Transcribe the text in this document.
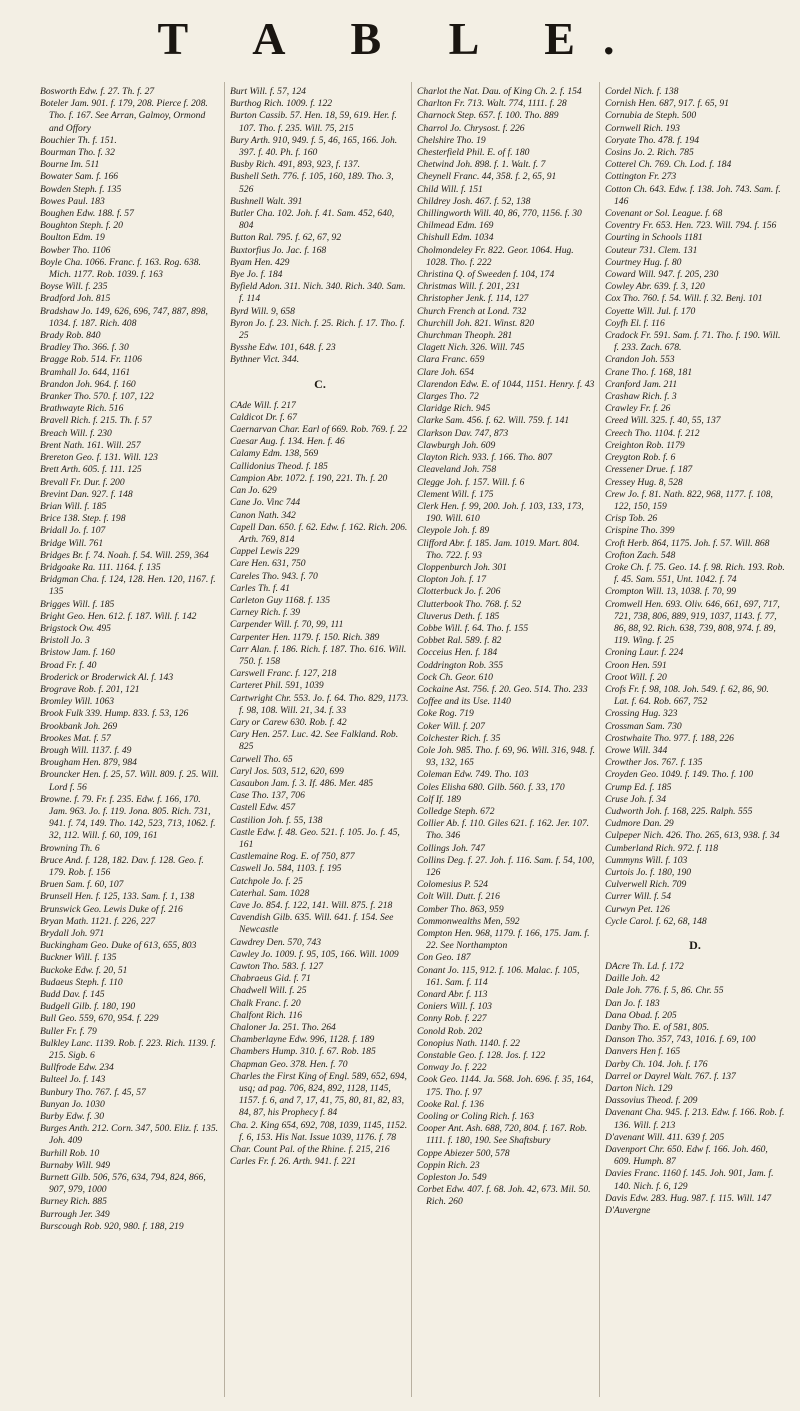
T A B L E.
Bosworth Edw. f. 27. Th. f. 27
Boteler Jam. 901. f. 179, 208. Pierce f. 208. Tho. f. 167. See Arran, Galmoy, Ormond and Offory
Bouchier Th. f. 151.
Bourman Tho. f. 32
Bourne Im. 511
Bowater Sam. f. 166
Bowden Steph. f. 135
Bowes Paul. 183
Boughen Edw. 188. f. 57
Boughton Steph. f. 20
Boulton Edm. 19
Bowber Tho. 1106
Boyle Cha. 1066. Franc. f. 163. Rog. 638. Mich. 1177. Rob. 1039. f. 163
Boyse Will. f. 235
Bradford Joh. 815
Bradshaw Jo. 149, 626, 696, 747, 887, 898, 1034. f. 187. Rich. 408
Brady Rob. 840
Bradley Tho. 366. f. 30
Bragge Rob. 514. Fr. 1106
Bramhall Jo. 644, 1161
Brandon Joh. 964. f. 160
Branker Tho. 570. f. 107, 122
Brathwayte Rich. 516
Bravell Rich. f. 215. Th. f. 57
Breach Will. f. 230
Brent Nath. 161. Will. 257
Brereton Geo. f. 131. Will. 123
Brett Arth. 605. f. 111. 125
Brevall Fr. Dur. f. 200
Brevint Dan. 927. f. 148
Brian Will. f. 185
Brice 138. Step. f. 198
Bridall Jo. f. 107
Bridge Will. 761
Bridges Br. f. 74. Noah. f. 54. Will. 259, 364
Bridgoake Ra. 111. 1164. f. 135
Bridgman Cha. f. 124, 128. Hen. 120, 1167. f. 135
Brigges Will. f. 185
Bright Geo. Hen. 612. f. 187. Will. f. 142
Brigstock Ow. 495
Bristoll Jo. 3
Bristow Jam. f. 160
Broad Fr. f. 40
Broderick or Broderwick Al. f. 143
Brograve Rob. f. 201, 121
Bromley Will. 1063
Brook Fulk 339. Hump. 833. f. 53, 126
Brookbank Joh. 269
Brookes Mat. f. 57
Brough Will. 1137. f. 49
Brougham Hen. 879, 984
Brouncker Hen. f. 25, 57. Will. 809. f. 25. Will. Lord f. 56
Browne. f. 79. Fr. f. 235. Edw. f. 166, 170. Jam. 963. Jo. f. 119. Jona. 805. Rich. 731, 941. f. 74, 149. Tho. 142, 523, 713, 1062. f. 32, 112. Will. f. 60, 109, 161
Browning Th. 6
Bruce And. f. 128, 182. Dav. f. 128. Geo. f. 179. Rob. f. 156
Bruen Sam. f. 60, 107
Brunsell Hen. f. 125, 133. Sam. f. 1, 138
Brunswick Geo. Lewis Duke of f. 216
Bryan Math. 1121. f. 226, 227
Brydall Joh. 971
Buckingham Geo. Duke of 613, 655, 803
Buckner Will. f. 135
Buckoke Edw. f. 20, 51
Budaeus Steph. f. 110
Budd Dav. f. 145
Budgell Gilb. f. 180, 190
Bull Geo. 559, 670, 954. f. 229
Buller Fr. f. 79
Bulkley Lanc. 1139. Rob. f. 223. Rich. 1139. f. 215. Sigb. 6
Bullfrode Edw. 234
Bulteel Jo. f. 143
Bunbury Tho. 767. f. 45, 57
Bunyan Jo. 1030
Burby Edw. f. 30
Burges Anth. 212. Corn. 347, 500. Eliz. f. 135. Joh. 409
Burhill Rob. 10
Burnaby Will. 949
Burnett Gilb. 506, 576, 634, 794, 824, 866, 907, 979, 1000
Burney Rich. 885
Burrough Jer. 349
Burscough Rob. 920, 980. f. 188, 219
Burt Will. f. 57, 124
Burthog Rich. 1009. f. 122
Burton Cassib. 57. Hen. 18, 59, 619. Her. f. 107. Tho. f. 235. Will. 75, 215
Bury Arth. 910, 949. f. 5, 46, 165, 166. Joh. 397. f. 40. Ph. f. 160
Busby Rich. 491, 893, 923, f. 137.
Bushell Seth. 776. f. 105, 160, 189. Tho. 3, 526
Bushnell Walt. 391
Butler Cha. 102. Joh. f. 41. Sam. 452, 640, 804
Button Ral. 795. f. 62, 67, 92
Buxtorfius Jo. Jac. f. 168
Byam Hen. 429
Bye Jo. f. 184
Byfield Adon. 311. Nich. 340. Rich. 340. Sam. f. 114
Byrd Will. 9, 658
Byron Jo. f. 23. Nich. f. 25. Rich. f. 17. Tho. f. 25
Bysshe Edw. 101, 648. f. 23
Bythner Vict. 344.
C.
CAde Will. f. 217
Caldicot Dr. f. 67
Caernarvan Char. Earl of 669. Rob. 769. f. 22
Caesar Aug. f. 134. Hen. f. 46
Calamy Edm. 138, 569
Callidonius Theod. f. 185
Campion Abr. 1072. f. 190, 221. Th. f. 20
Can Jo. 629
Cane Jo. Vinc 744
Canon Nath. 342
Capell Dan. 650. f. 62. Edw. f. 162. Rich. 206. Arth. 769, 814
Cappel Lewis 229
Care Hen. 631, 750
Careles Tho. 943. f. 70
Carles Th. f. 41
Carleton Guy 1168. f. 135
Carney Rich. f. 39
Carpender Will. f. 70, 99, 111
Carpenter Hen. 1179. f. 150. Rich. 389
Carr Alan. f. 186. Rich. f. 187. Tho. 616. Will. 750. f. 158
Carswell Franc. f. 127, 218
Carteret Phil. 591, 1039
Cartwright Chr. 553. Jo. f. 64. Tho. 829, 1173. f. 98, 108. Will. 21, 34. f. 33
Cary or Carew 630. Rob. f. 42
Cary Hen. 257. Luc. 42. See Falkland. Rob. 825
Carwell Tho. 65
Caryl Jos. 503, 512, 620, 699
Casaubon Jam. f. 3. If. 486. Mer. 485
Case Tho. 137, 706
Castell Edw. 457
Castilion Joh. f. 55, 138
Castle Edw. f. 48. Geo. 521. f. 105. Jo. f. 45, 161
Castlemaine Rog. E. of 750, 877
Caswell Jo. 584, 1103. f. 195
Catchpole Jo. f. 25
Caterhal. Sam. 1028
Cave Jo. 854. f. 122, 141. Will. 875. f. 218
Cavendish Gilb. 635. Will. 641. f. 154. See Newcastle
Cawdrey Den. 570, 743
Cawley Jo. 1009. f. 95, 105, 166. Will. 1009
Cawton Tho. 583. f. 127
Chabraeus Gid. f. 71
Chadwell Will. f. 25
Chalk Franc. f. 20
Chalfont Rich. 116
Chaloner Ja. 251. Tho. 264
Chamberlayne Edw. 996, 1128. f. 189
Chambers Hump. 310. f. 67. Rob. 185
Chapman Geo. 378. Hen. f. 70
Charles the First King of Engl. 589, 652, 694, usq; ad pag. 706, 824, 892, 1128, 1145, 1157. f. 6, and 7, 17, 41, 75, 80, 81, 82, 83, 84, 87, his Prophecy f. 84
Cha. 2. King 654, 692, 708, 1039, 1145, 1152. f. 6, 153. His Nat. Issue 1039, 1176. f. 78
Char. Count Pal. of the Rhine. f. 215, 216
Carles Fr. f. 26. Arth. 941. f. 221
Charlot the Nat. Dau. of King Ch. 2. f. 154
Charlton Fr. 713. Walt. 774, 1111. f. 28
Charnock Step. 657. f. 100. Tho. 889
Charrol Jo. Chrysost. f. 226
Chelshire Tho. 19
Chesterfield Phil. E. of f. 180
Chetwind Joh. 898. f. 1. Walt. f. 7
Cheynell Franc. 44, 358. f. 2, 65, 91
Child Will. f. 151
Childrey Josh. 467. f. 52, 138
Chillingworth Will. 40, 86, 770, 1156. f. 30
Chilmead Edm. 169
Chishull Edm. 1034
Cholmondeley Fr. 822. Geor. 1064. Hug. 1028. Tho. f. 222
Christina Q. of Sweeden f. 104, 174
Christmas Will. f. 201, 231
Christopher Jenk. f. 114, 127
Church French at Lond. 732
Churchill Joh. 821. Winst. 820
Churchman Theoph. 281
Clagett Nich. 326. Will. 745
Clara Franc. 659
Clare Joh. 654
Clarendon Edw. E. of 1044, 1151. Henry. f. 43
Clarges Tho. 72
Claridge Rich. 945
Clarke Sam. 456. f. 62. Will. 759. f. 141
Clarkson Dav. 747, 873
Clawburgh Joh. 609
Clayton Rich. 933. f. 166. Tho. 807
Cleaveland Joh. 758
Clegge Joh. f. 157. Will. f. 6
Clement Will. f. 175
Clerk Hen. f. 99, 200. Joh. f. 103, 133, 173, 190. Will. 610
Cleypole Joh. f. 89
Clifford Abr. f. 185. Jam. 1019. Mart. 804. Tho. 722. f. 93
Cloppenburch Joh. 301
Clopton Joh. f. 17
Clotterbuck Jo. f. 206
Clutterbook Tho. 768. f. 52
Cluverus Deth. f. 185
Cobbe Will. f. 64. Tho. f. 155
Cobbet Ral. 589. f. 82
Cocceius Hen. f. 184
Coddrington Rob. 355
Cock Ch. Geor. 610
Cockaine Ast. 756. f. 20. Geo. 514. Tho. 233
Coffee and its Use. 1140
Coke Rog. 719
Coker Will. f. 207
Colchester Rich. f. 35
Cole Joh. 985. Tho. f. 69, 96. Will. 316, 948. f. 93, 132, 165
Coleman Edw. 749. Tho. 103
Coles Elisha 680. Gilb. 560. f. 33, 170
Colf If. 189
Colledge Steph. 672
Collier Ab. f. 110. Giles 621. f. 162. Jer. 107. Tho. 346
Collings Joh. 747
Collins Deg. f. 27. Joh. f. 116. Sam. f. 54, 100, 126
Colomesius P. 524
Colt Will. Dutt. f. 216
Comber Tho. 863, 959
Commonwealths Men, 592
Compton Hen. 968, 1179. f. 166, 175. Jam. f. 22. See Northampton
Con Geo. 187
Conant Jo. 115, 912. f. 106. Malac. f. 105, 161. Sam. f. 114
Conard Abr. f. 113
Coniers Will. f. 103
Conny Rob. f. 227
Conold Rob. 202
Conopius Nath. 1140. f. 22
Constable Geo. f. 128. Jos. f. 122
Conway Jo. f. 222
Cook Geo. 1144. Ja. 568. Joh. 696. f. 35, 164, 175. Tho. f. 97
Cooke Ral. f. 136
Cooling or Coling Rich. f. 163
Cooper Ant. Ash. 688, 720, 804. f. 167. Rob. 1111. f. 180, 190. See Shaftsbury
Coppe Abiezer 500, 578
Coppin Rich. 23
Copleston Jo. 549
Corbet Edw. 407. f. 68. Joh. 42, 673. Mil. 50. Rich. 260
Cordel Nich. f. 138
Cornish Hen. 687, 917. f. 65, 91
Cornubia de Steph. 500
Cornwell Rich. 193
Coryate Tho. 478. f. 194
Cosins Jo. 2. Rich. 785
Cotterel Ch. 769. Ch. Lod. f. 184
Cottington Fr. 273
Cotton Ch. 643. Edw. f. 138. Joh. 743. Sam. f. 146
Covenant or Sol. League. f. 68
Coventry Fr. 653. Hen. 723. Will. 794. f. 156
Courting in Schools 1181
Couteur 731. Clem. 131
Courtney Hug. f. 80
Coward Will. 947. f. 205, 230
Cowley Abr. 639. f. 3, 120
Cox Tho. 760. f. 54. Will. f. 32. Benj. 101
Coyette Will. Jul. f. 170
Coyfh El. f. 116
Cradock Fr. 591. Sam. f. 71. Tho. f. 190. Will. f. 233. Zach. 678.
Crandon Joh. 553
Crane Tho. f. 168, 181
Cranford Jam. 211
Crashaw Rich. f. 3
Crawley Fr. f. 26
Creed Will. 325. f. 40, 55, 137
Creech Tho. 1104. f. 212
Creighton Rob. 1179
Creygton Rob. f. 6
Cressener Drue. f. 187
Cressey Hug. 8, 528
Crew Jo. f. 81. Nath. 822, 968, 1177. f. 108, 122, 150, 159
Crisp Tob. 26
Crispine Tho. 399
Croft Herb. 864, 1175. Joh. f. 57. Will. 868
Crofton Zach. 548
Croke Ch. f. 75. Geo. 14. f. 98. Rich. 193. Rob. f. 45. Sam. 551, Unt. 1042. f. 74
Crompton Will. 13, 1038. f. 70, 99
Cromwell Hen. 693. Oliv. 646, 661, 697, 717, 721, 738, 806, 889, 919, 1037, 1143. f. 77, 86, 88, 92. Rich. 638, 739, 808, 974. f. 89, 119. Wing. f. 25
Croning Laur. f. 224
Croon Hen. 591
Croot Will. f. 20
Crofs Fr. f. 98, 108. Joh. 549. f. 62, 86, 90. Lat. f. 64. Rob. 667, 752
Crossing Hug. 323
Crossman Sam. 730
Crostwhaite Tho. 977. f. 188, 226
Crowe Will. 344
Crowther Jos. 767. f. 135
Croyden Geo. 1049. f. 149. Tho. f. 100
Crump Ed. f. 185
Cruse Joh. f. 34
Cudworth Joh. f. 168, 225. Ralph. 555
Cudmore Dan. 29
Culpeper Nich. 426. Tho. 265, 613, 938. f. 34
Cumberland Rich. 972. f. 118
Cummyns Will. f. 103
Curtois Jo. f. 180, 190
Culverwell Rich. 709
Currer Will. f. 54
Curwyn Pet. 126
Cycle Carol. f. 62, 68, 148
D.
DAcre Th. Ld. f. 172
Daille Joh. 42
Dale Joh. 776. f. 5, 86. Chr. 55
Dan Jo. f. 183
Dana Obad. f. 205
Danby Tho. E. of 581, 805.
Danson Tho. 357, 743, 1016. f. 69, 100
Danvers Hen f. 165
Darby Ch. 104. Joh. f. 176
Darrel or Dayrel Walt. 767. f. 137
Darton Nich. 129
Dassovius Theod. f. 209
Davenant Cha. 945. f. 213. Edw. f. 166. Rob. f. 136. Will. f. 213
D'avenant Will. 411. 639 f. 205
Davenport Chr. 650. Edw f. 166. Joh. 460, 609. Humph. 87
Davies Franc. 1160 f. 145. Joh. 901, Jam. f. 140. Nich. f. 6, 129
Davis Edw. 283. Hug. 987. f. 115. Will. 147
D'Auvergne
